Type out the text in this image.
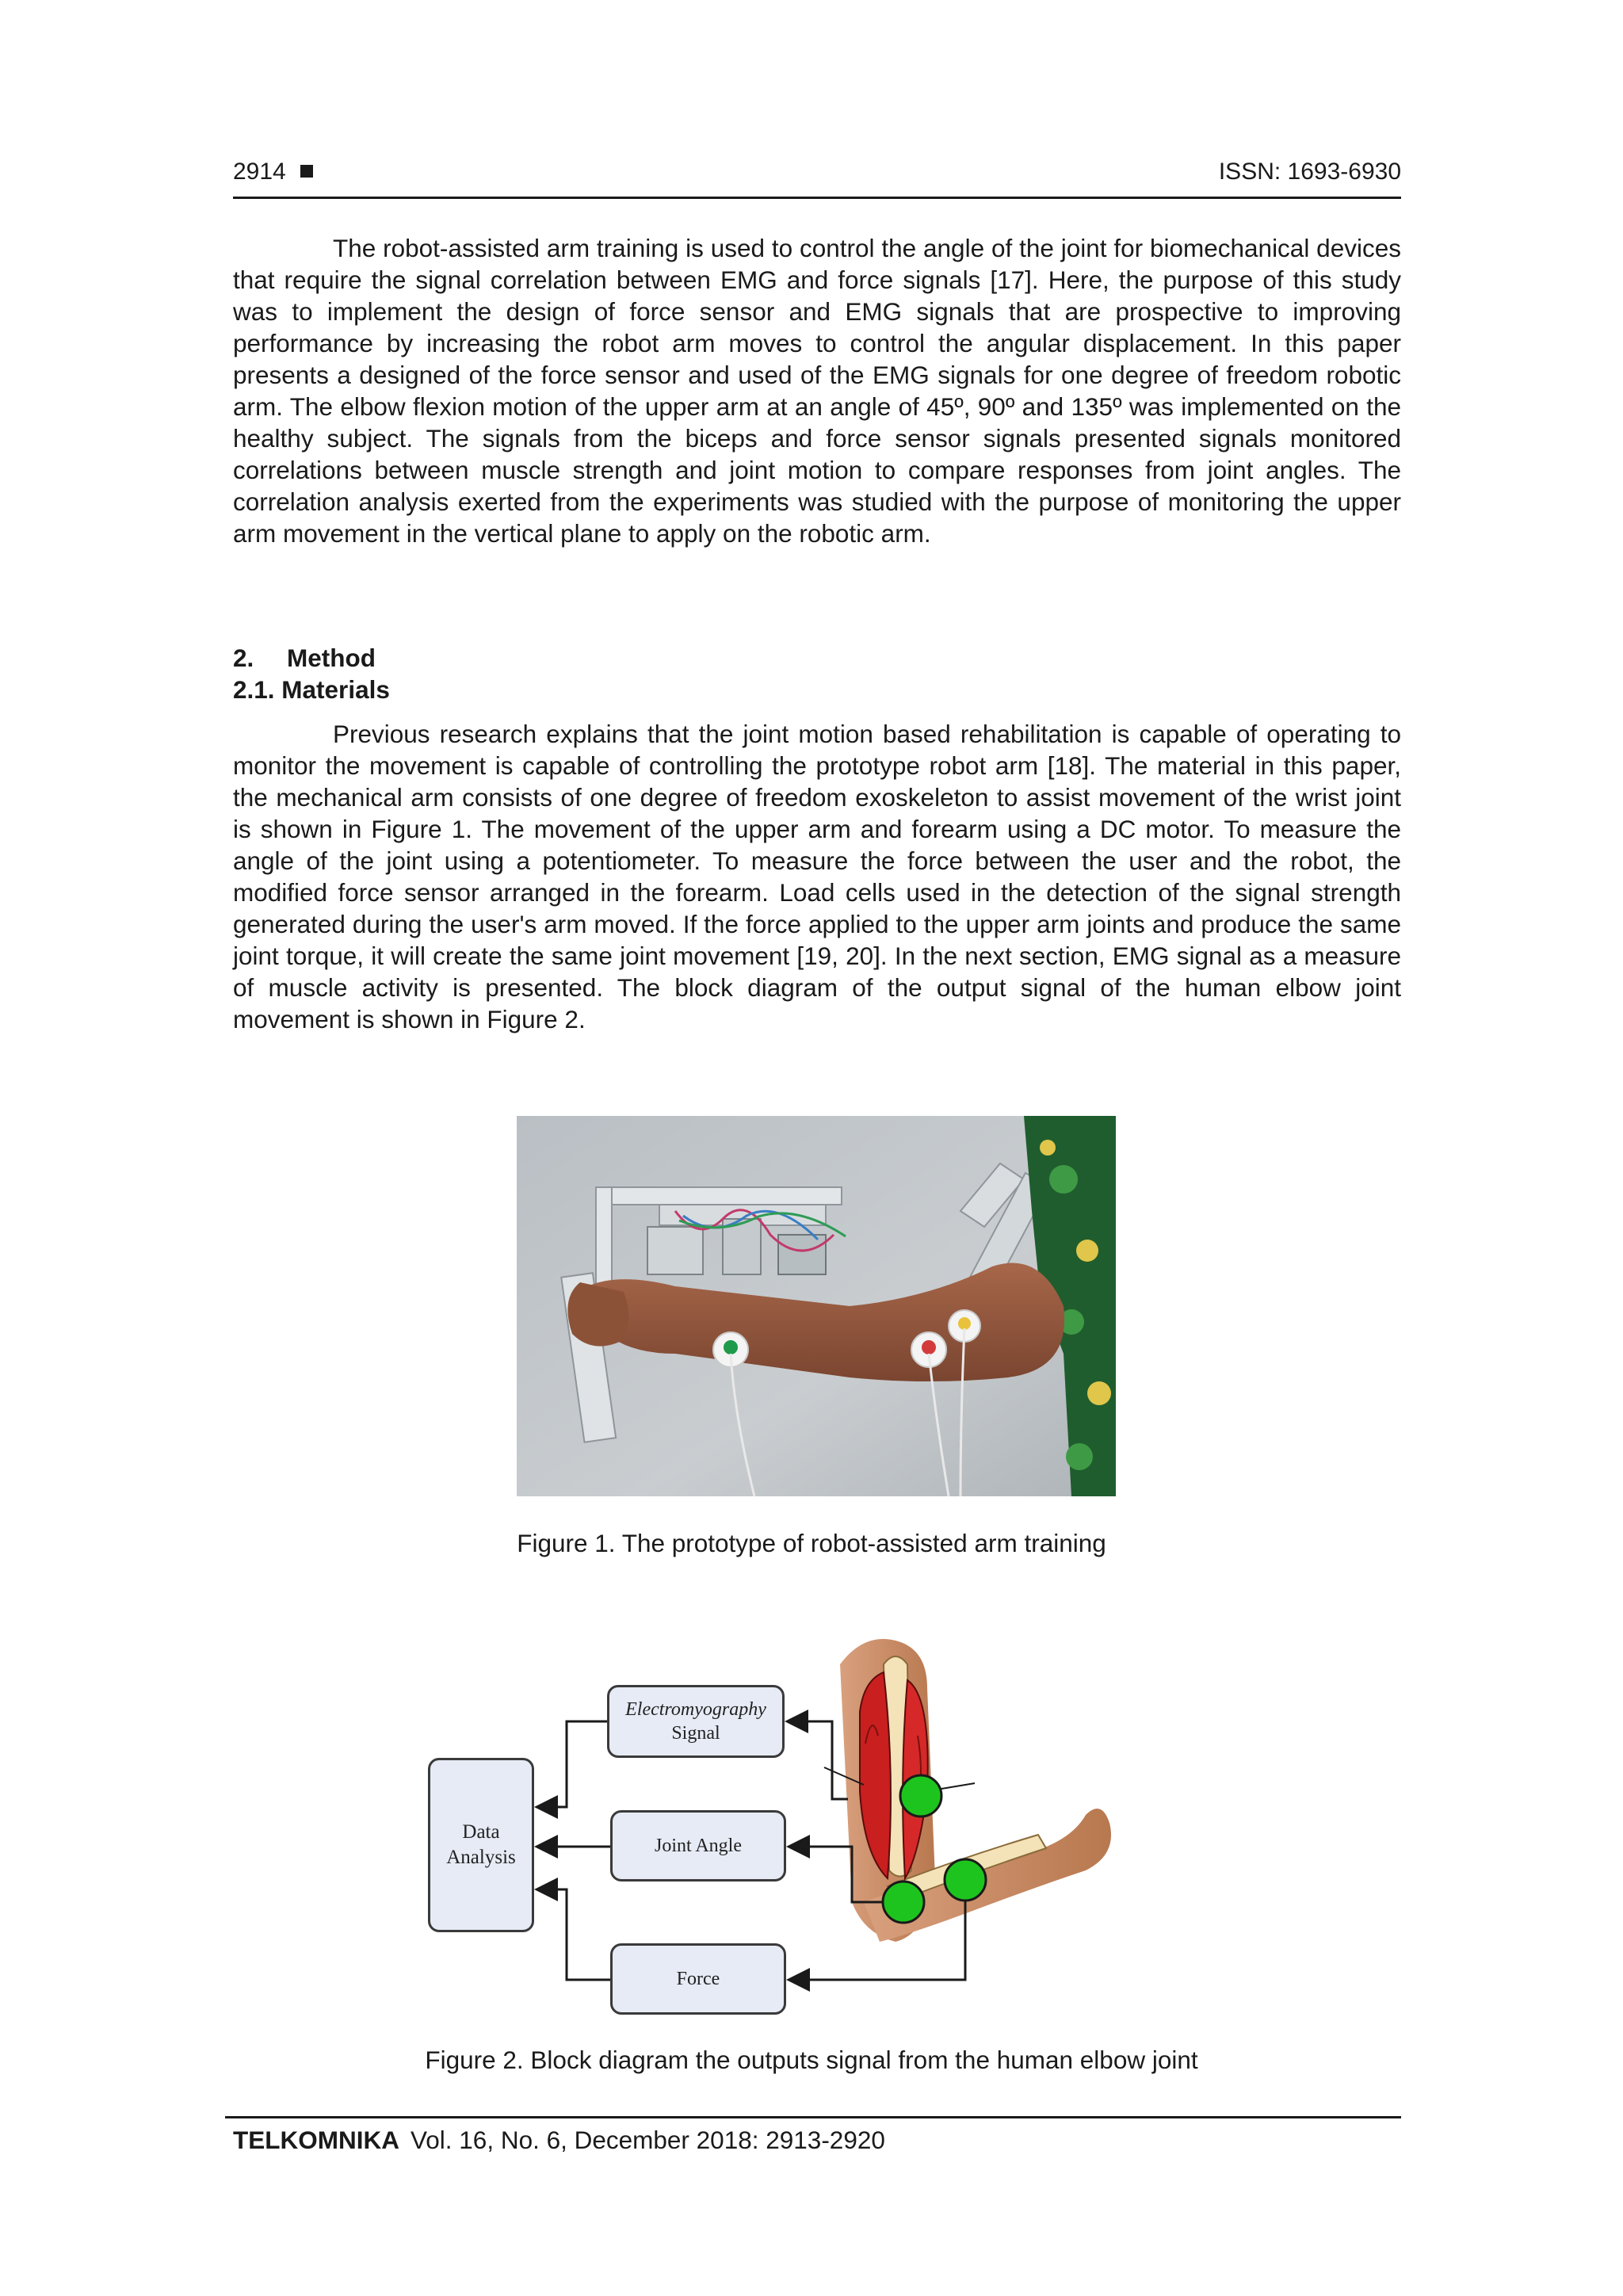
2914	ISSN: 1693-6930

The robot-assisted arm training is used to control the angle of the joint for biomechanical devices that require the signal correlation between EMG and force signals [17]. Here, the purpose of this study was to implement the design of force sensor and EMG signals that are prospective to improving performance by increasing the robot arm moves to control the angular displacement. In this paper presents a designed of the force sensor and used of the EMG signals for one degree of freedom robotic arm. The elbow flexion motion of the upper arm at an angle of 45º, 90º and 135º was implemented on the healthy subject. The signals from the biceps and force sensor signals presented signals monitored correlations between muscle strength and joint motion to compare responses from joint angles. The correlation analysis exerted from the experiments was studied with the purpose of monitoring the upper arm movement in the vertical plane to apply on the robotic arm.

2. Method

2.1. Materials

Previous research explains that the joint motion based rehabilitation is capable of operating to monitor the movement is capable of controlling the prototype robot arm [18]. The material in this paper, the mechanical arm consists of one degree of freedom exoskeleton to assist movement of the wrist joint is shown in Figure 1. The movement of the upper arm and forearm using a DC motor. To measure the angle of the joint using a potentiometer. To measure the force between the user and the robot, the modified force sensor arranged in the forearm. Load cells used in the detection of the signal strength generated during the user's arm moved. If the force applied to the upper arm joints and produce the same joint torque, it will create the same joint movement [19, 20]. In the next section, EMG signal as a measure of muscle activity is presented. The block diagram of the output signal of the human elbow joint movement is shown in Figure 2.

Figure 1. The prototype of robot-assisted arm training
Data
Analysis
Electromyography
Signal
Joint Angle
Force
Figure 2. Block diagram the outputs signal from the human elbow joint
TELKOMNIKA Vol. 16, No. 6, December 2018: 2913-2920
